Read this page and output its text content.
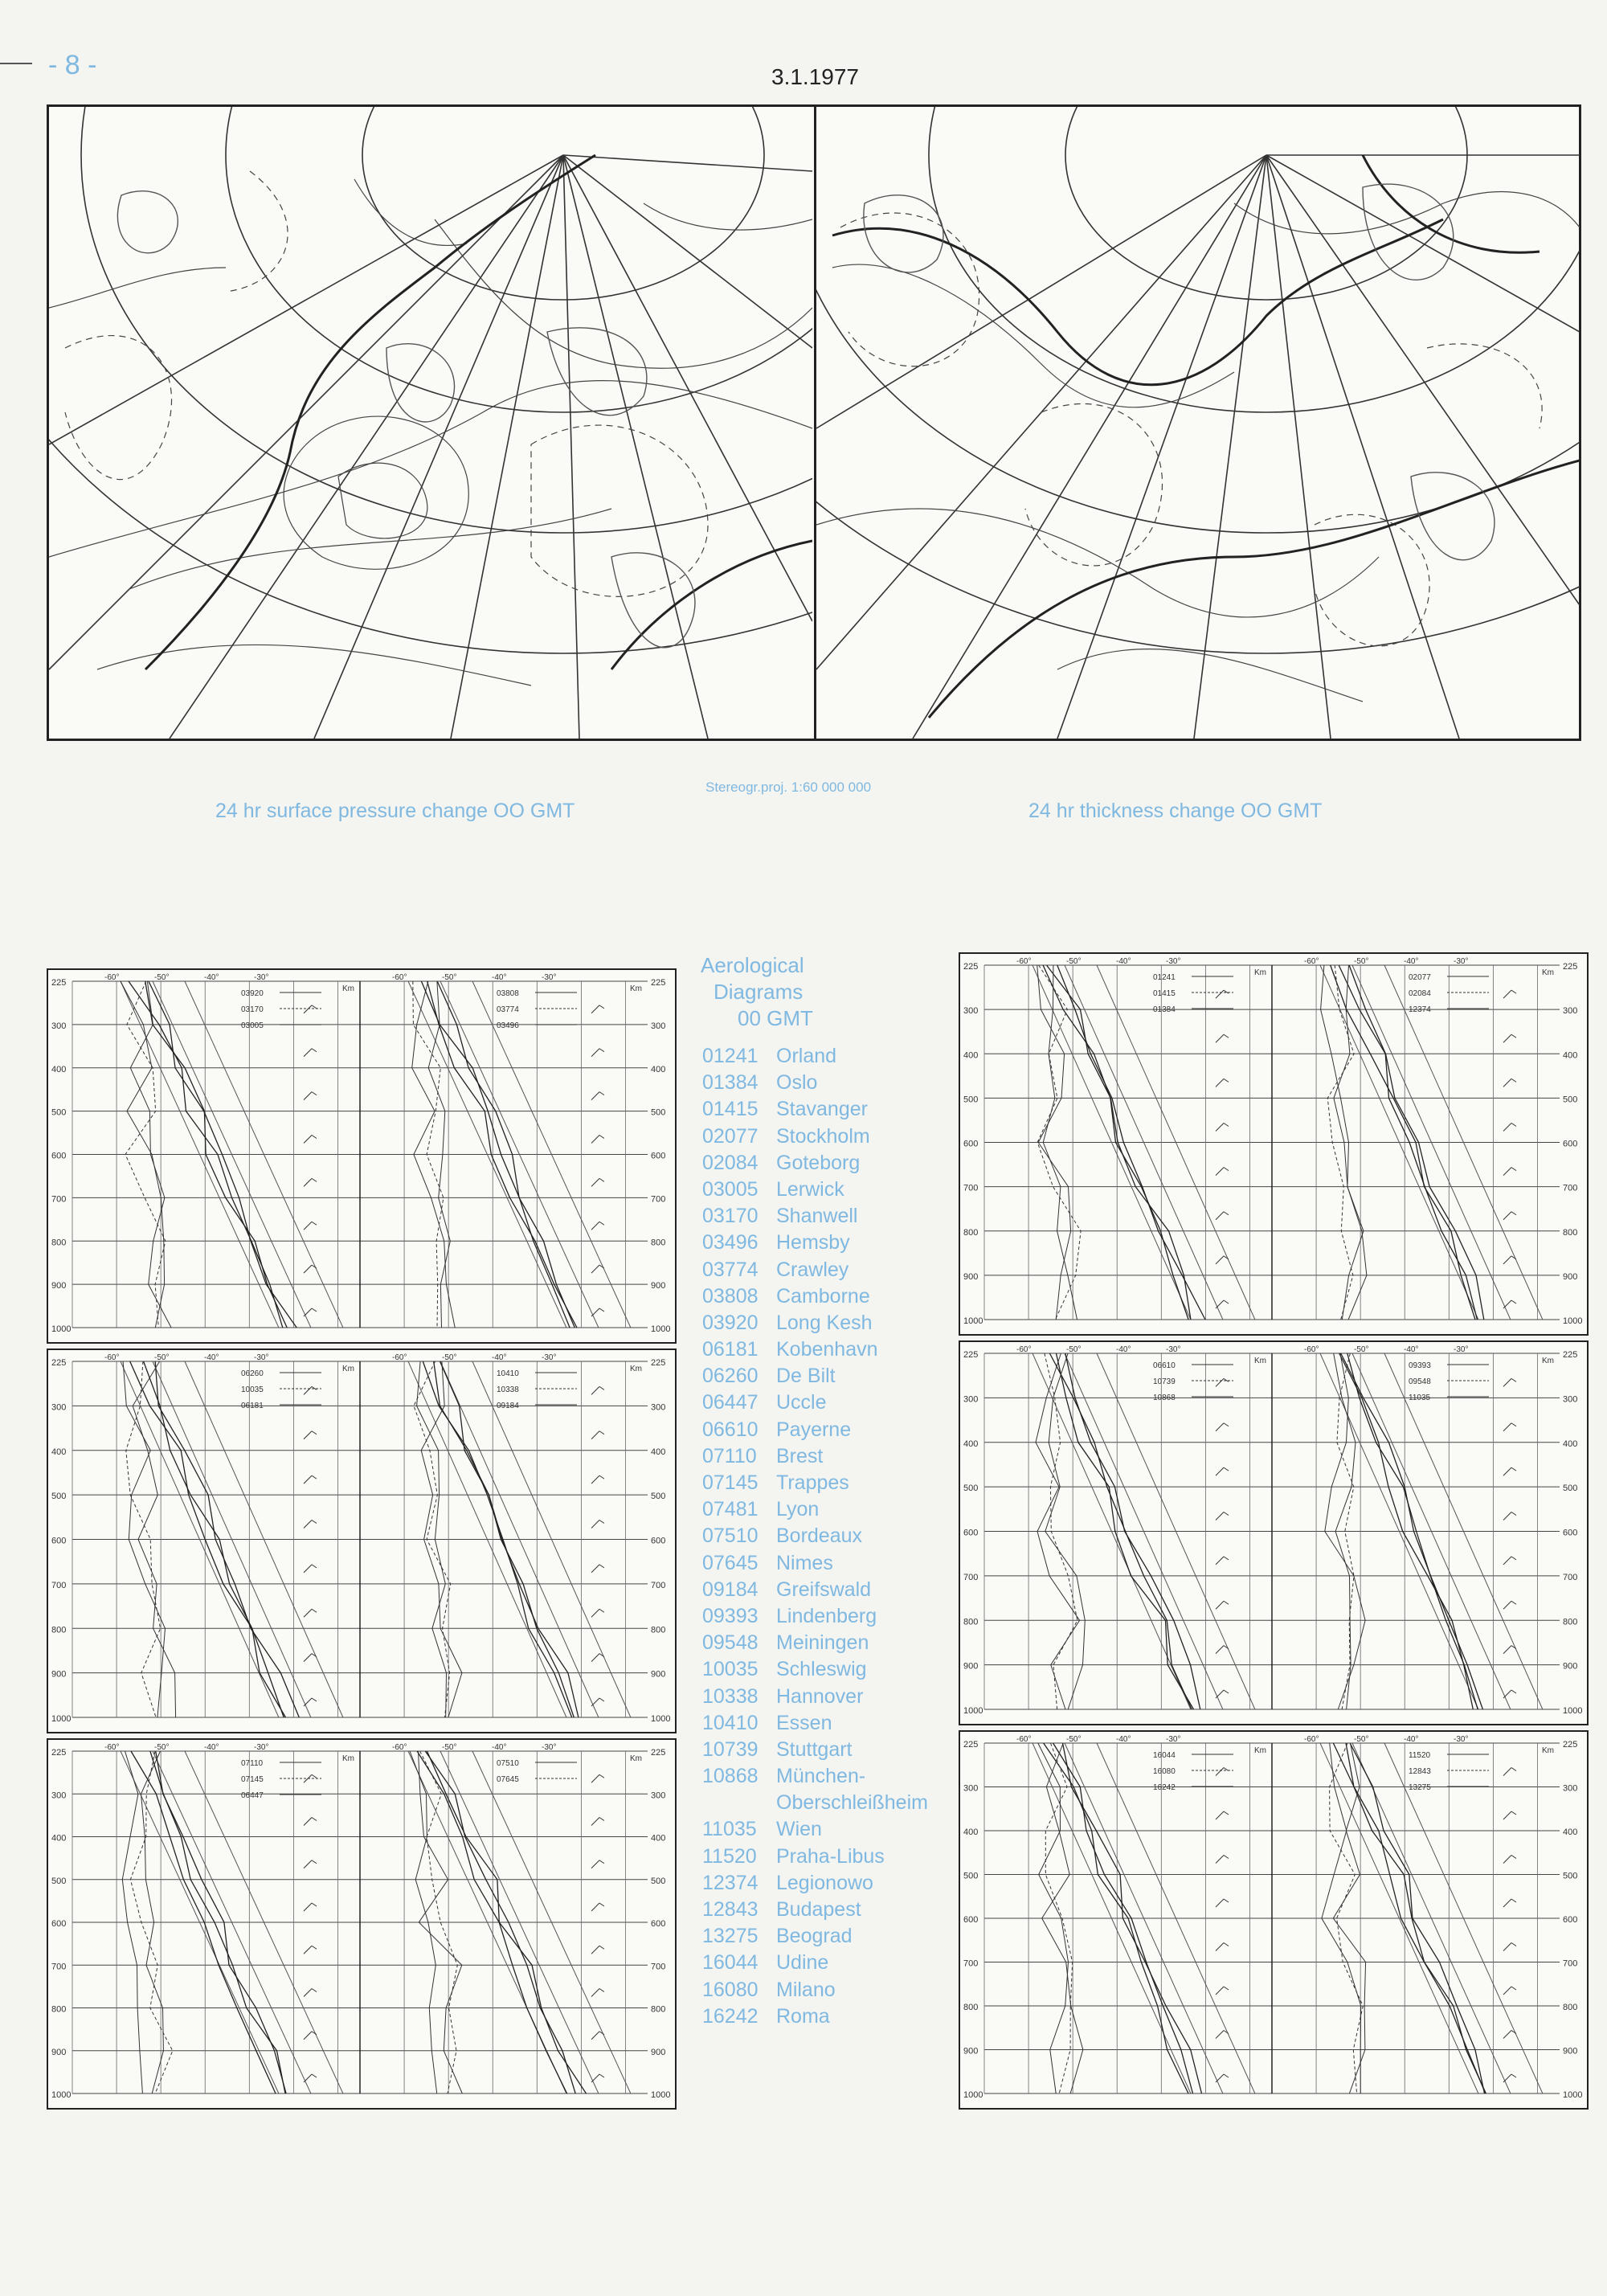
- 8 -	3.1.1977
24 hr surface pressure change OO GMT
Stereogr.proj. 1:60 000 000
24 hr thickness change OO GMT
225	225
300	300
400	400
500	500
600	600
700	700
800	800
900	900
1000	1000
-60°	-50°	-40°	-30°
Km
-60°	-50°	-40°	-30°
Km
03920
03170
03005
03808
03774
03496
225	225
300	300
400	400
500	500
600	600
700	700
800	800
900	900
1000	1000
-60°	-50°	-40°	-30°
Km
-60°	-50°	-40°	-30°
Km
06260
10035
06181
10410
10338
09184
225	225
300	300
400	400
500	500
600	600
700	700
800	800
900	900
1000	1000
-60°	-50°	-40°	-30°
Km
-60°	-50°	-40°	-30°
Km
07110
07145
06447
07510
07645
225	225
300	300
400	400
500	500
600	600
700	700
800	800
900	900
1000	1000
-60°	-50°	-40°	-30°
Km
-60°	-50°	-40°	-30°
Km
01241
01415
01384
02077
02084
12374
225	225
300	300
400	400
500	500
600	600
700	700
800	800
900	900
1000	1000
-60°	-50°	-40°	-30°
Km
-60°	-50°	-40°	-30°
Km
06610
10739
10868
09393
09548
11035
225	225
300	300
400	400
500	500
600	600
700	700
800	800
900	900
1000	1000
-60°	-50°	-40°	-30°
Km
-60°	-50°	-40°	-30°
Km
16044
16080
16242
11520
12843
13275
Aerological
Diagrams
00 GMT
01241 Orland
01384 Oslo
01415 Stavanger
02077 Stockholm
02084 Goteborg
03005 Lerwick
03170 Shanwell
03496 Hemsby
03774 Crawley
03808 Camborne
03920 Long Kesh
06181 Kobenhavn
06260 De Bilt
06447 Uccle
06610 Payerne
07110 Brest
07145 Trappes
07481 Lyon
07510 Bordeaux
07645 Nimes
09184 Greifswald
09393 Lindenberg
09548 Meiningen
10035 Schleswig
10338 Hannover
10410 Essen
10739 Stuttgart
10868 München-
Oberschleißheim
11035 Wien
11520 Praha-Libus
12374 Legionowo
12843 Budapest
13275 Beograd
16044 Udine
16080 Milano
16242 Roma
